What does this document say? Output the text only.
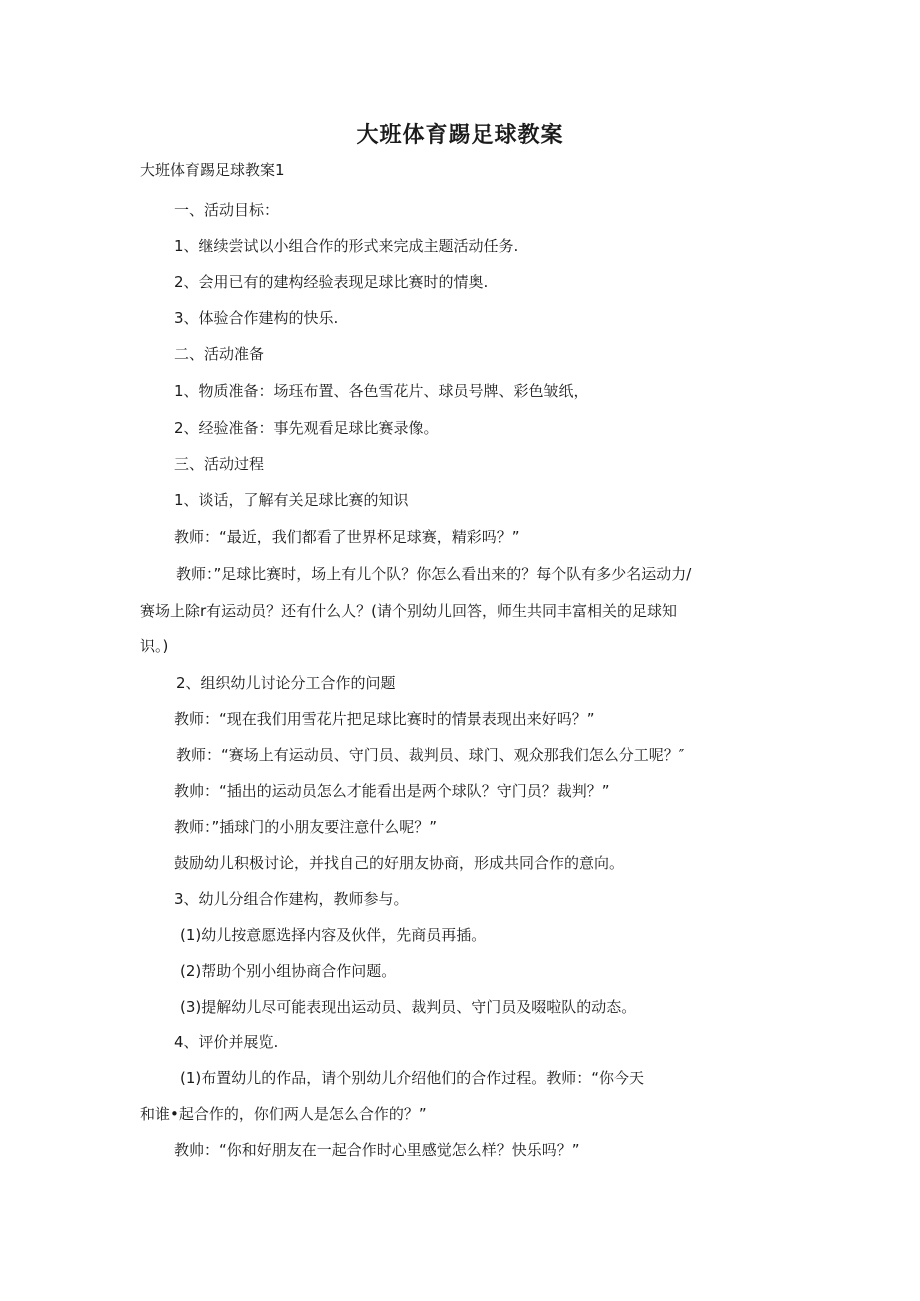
大班体育踢足球教案
大班体育踢足球教案1
一、活动目标：
1、继续尝试以小组合作的形式来完成主题活动任务.
2、会用已有的建构经验表现足球比赛时的情奥.
3、体验合作建构的快乐.
二、活动准备
1、物质准备：场珏布置、各色雪花片、球员号牌、彩色皱纸，
2、经验准备：事先观看足球比赛录像。
三、活动过程
1、谈话，了解有关足球比赛的知识
教师：“最近，我们都看了世界杯足球赛，精彩吗？”
教师：”足球比赛时，场上有儿个队？你怎么看出来的？每个队有多少名运动力/
赛场上除r有运动员？还有什么人？(请个别幼儿回答，师生共同丰富相关的足球知
识。)
2、组织幼儿讨论分工合作的问题
教师：“现在我们用雪花片把足球比赛时的情景表现出来好吗？”
教师：“赛场上有运动员、守门员、裁判员、球门、观众那我们怎么分工呢？″
教帅：“插出的运动员怎么才能看出是两个球队？守门员？裁判？”
教师：”插球门的小朋友要注意什么呢？”
鼓励幼儿积极讨论，并找自己的好朋友协商，形成共同合作的意向。
3、幼儿分组合作建构，教师参与。
(1)幼儿按意愿选择内容及伙伴，先商员再插。
(2)帮助个别小组协商合作问题。
(3)提解幼儿尽可能表现出运动员、裁判员、守门员及啜啦队的动态。
4、评价并展览.
(1)布置幼儿的作品，请个别幼儿介绍他们的合作过程。教师：“你今天
和谁•起合作的，你们两人是怎么合作的？”
教帅：“你和好朋友在一起合作时心里感觉怎么样？快乐吗？”
